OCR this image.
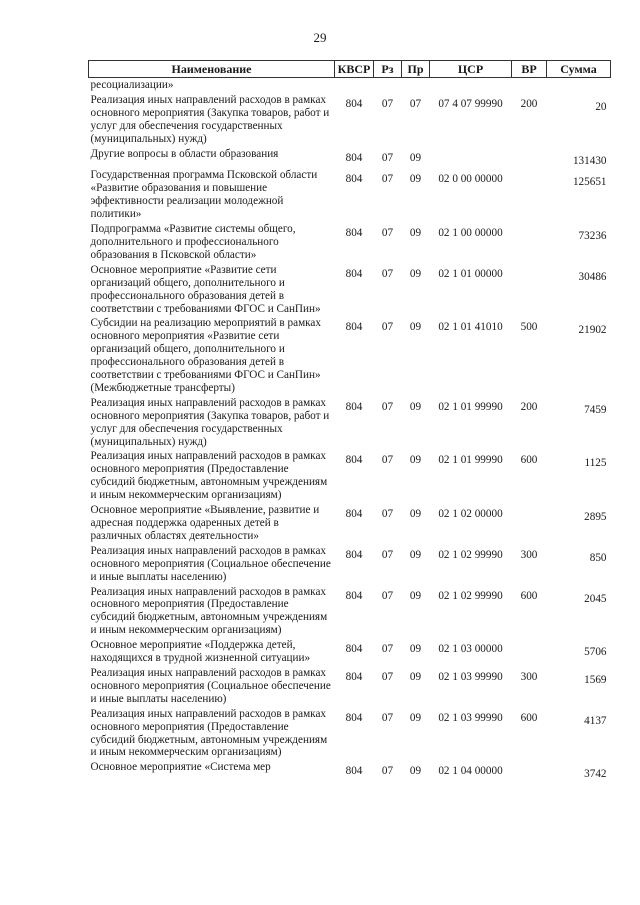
29
Наименование	КВСР	Рз	Пр	ЦСР	ВР	Сумма
ресоциализации»						
Реализация иных направлений расходов в рамках основного мероприятия (Закупка товаров, работ и услуг для обеспечения государственных (муниципальных) нужд)	804	07	07	07 4 07 99990	200	20
Другие вопросы в области образования	804	07	09			131430
Государственная программа Псковской области «Развитие образования и повышение эффективности реализации молодежной политики»	804	07	09	02 0 00 00000		125651
Подпрограмма «Развитие системы общего, дополнительного и профессионального образования в Псковской области»	804	07	09	02 1 00 00000		73236
Основное мероприятие «Развитие сети организаций общего, дополнительного и профессионального образования детей в соответствии с требованиями ФГОС и СанПин»	804	07	09	02 1 01 00000		30486
Субсидии на реализацию мероприятий в рамках основного мероприятия «Развитие сети организаций общего, дополнительного и профессионального образования детей в соответствии с требованиями ФГОС и СанПин» (Межбюджетные трансферты)	804	07	09	02 1 01 41010	500	21902
Реализация иных направлений расходов в рамках основного мероприятия (Закупка товаров, работ и услуг для обеспечения государственных (муниципальных) нужд)	804	07	09	02 1 01 99990	200	7459
Реализация иных направлений расходов в рамках основного мероприятия (Предоставление субсидий бюджетным, автономным учреждениям и иным некоммерческим организациям)	804	07	09	02 1 01 99990	600	1125
Основное мероприятие «Выявление, развитие и адресная поддержка одаренных детей в различных областях деятельности»	804	07	09	02 1 02 00000		2895
Реализация иных направлений расходов в рамках основного мероприятия (Социальное обеспечение и иные выплаты населению)	804	07	09	02 1 02 99990	300	850
Реализация иных направлений расходов в рамках основного мероприятия (Предоставление субсидий бюджетным, автономным учреждениям и иным некоммерческим организациям)	804	07	09	02 1 02 99990	600	2045
Основное мероприятие «Поддержка детей, находящихся в трудной жизненной ситуации»	804	07	09	02 1 03 00000		5706
Реализация иных направлений расходов в рамках основного мероприятия (Социальное обеспечение и иные выплаты населению)	804	07	09	02 1 03 99990	300	1569
Реализация иных направлений расходов в рамках основного мероприятия (Предоставление субсидий бюджетным, автономным учреждениям и иным некоммерческим организациям)	804	07	09	02 1 03 99990	600	4137
Основное мероприятие «Система мер	804	07	09	02 1 04 00000		3742
